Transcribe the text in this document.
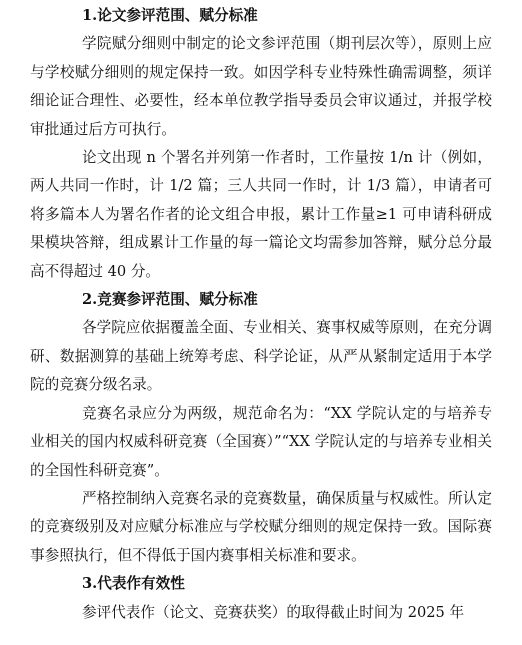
1.论文参评范围、赋分标准

学院赋分细则中制定的论文参评范围（期刊层次等），原则上应与学校赋分细则的规定保持一致。如因学科专业特殊性确需调整，须详细论证合理性、必要性，经本单位教学指导委员会审议通过，并报学校审批通过后方可执行。

论文出现 n 个署名并列第一作者时，工作量按 1/n 计（例如，两人共同一作时，计 1/2 篇；三人共同一作时，计 1/3 篇），申请者可将多篇本人为署名作者的论文组合申报，累计工作量≥1 可申请科研成果模块答辩，组成累计工作量的每一篇论文均需参加答辩，赋分总分最高不得超过 40 分。

2.竞赛参评范围、赋分标准

各学院应依据覆盖全面、专业相关、赛事权威等原则，在充分调研、数据测算的基础上统筹考虑、科学论证，从严从紧制定适用于本学院的竞赛分级名录。

竞赛名录应分为两级，规范命名为：“XX 学院认定的与培养专业相关的国内权威科研竞赛（全国赛）”“XX 学院认定的与培养专业相关的全国性科研竞赛”。

严格控制纳入竞赛名录的竞赛数量，确保质量与权威性。所认定的竞赛级别及对应赋分标准应与学校赋分细则的规定保持一致。国际赛事参照执行，但不得低于国内赛事相关标准和要求。

3.代表作有效性

参评代表作（论文、竞赛获奖）的取得截止时间为 2025 年
